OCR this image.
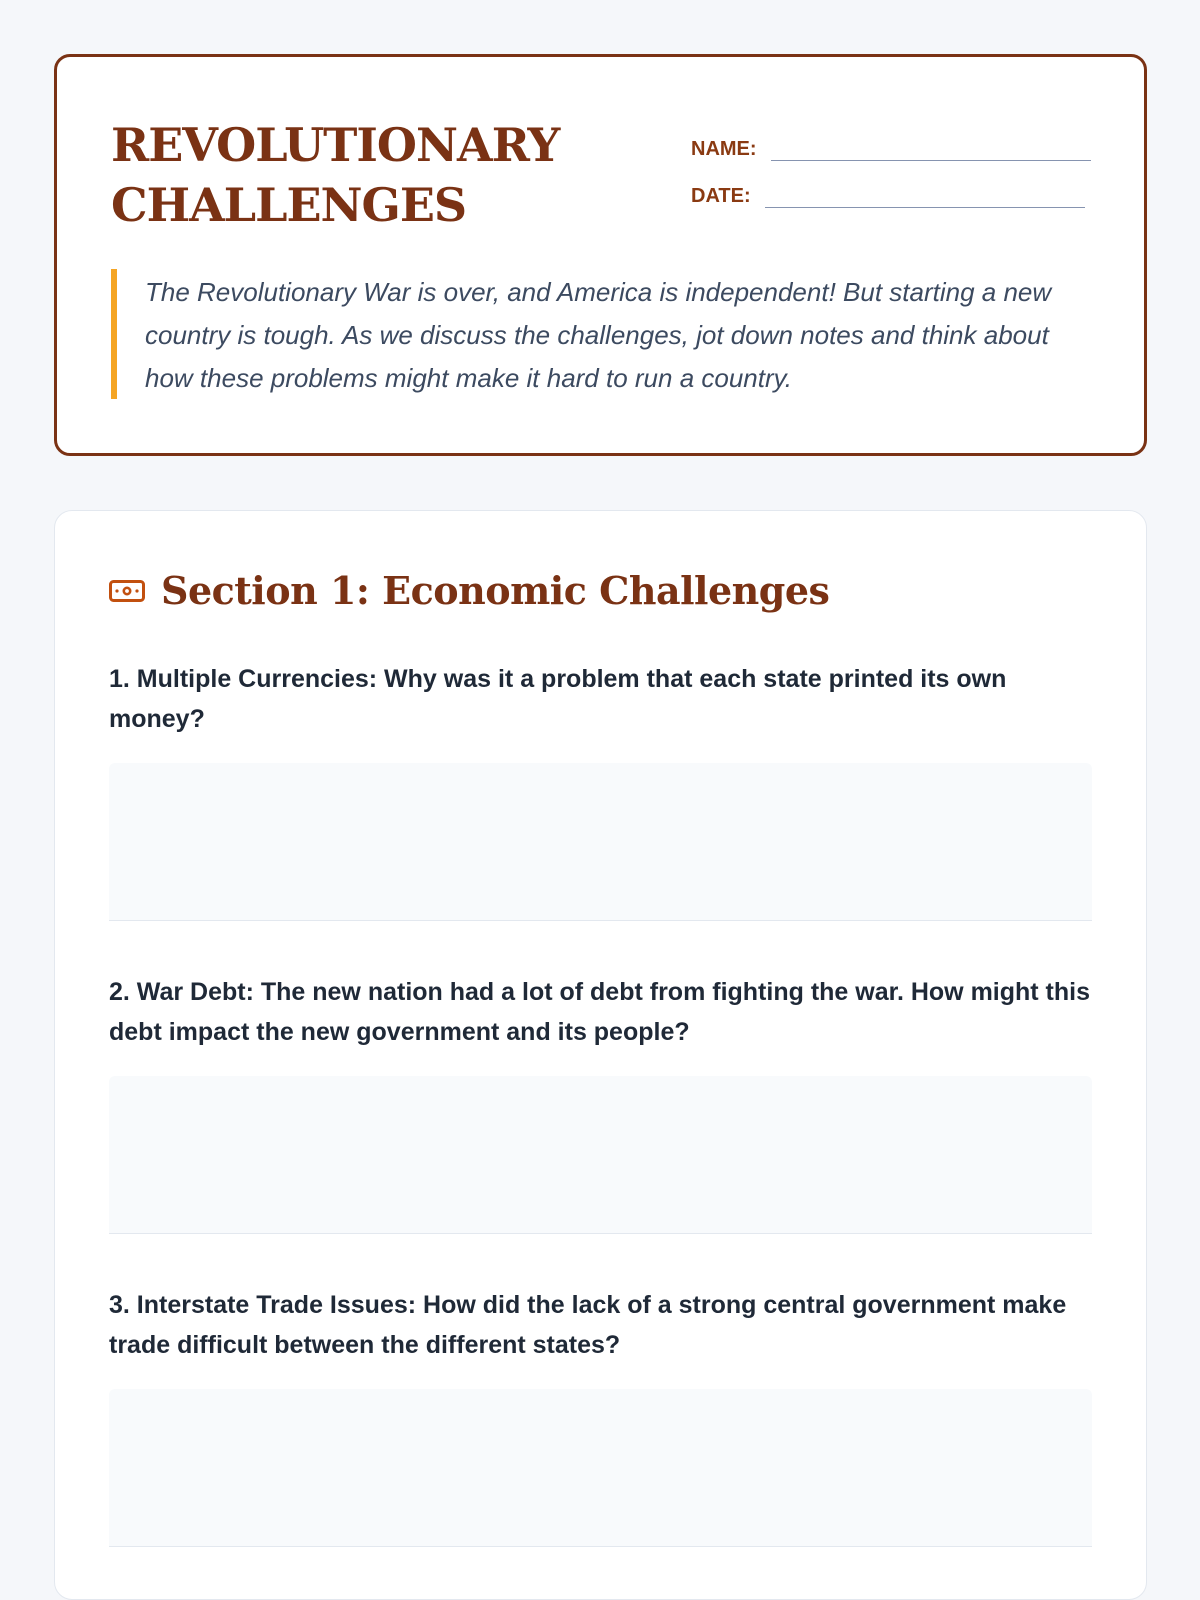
REVOLUTIONARY CHALLENGES
NAME:
DATE:

The Revolutionary War is over, and America is independent! But starting a new country is tough. As we discuss the challenges, jot down notes and think about how these problems might make it hard to run a country.

Section 1: Economic Challenges

1. Multiple Currencies: Why was it a problem that each state printed its own money?

2. War Debt: The new nation had a lot of debt from fighting the war. How might this debt impact the new government and its people?

3. Interstate Trade Issues: How did the lack of a strong central government make trade difficult between the different states?
